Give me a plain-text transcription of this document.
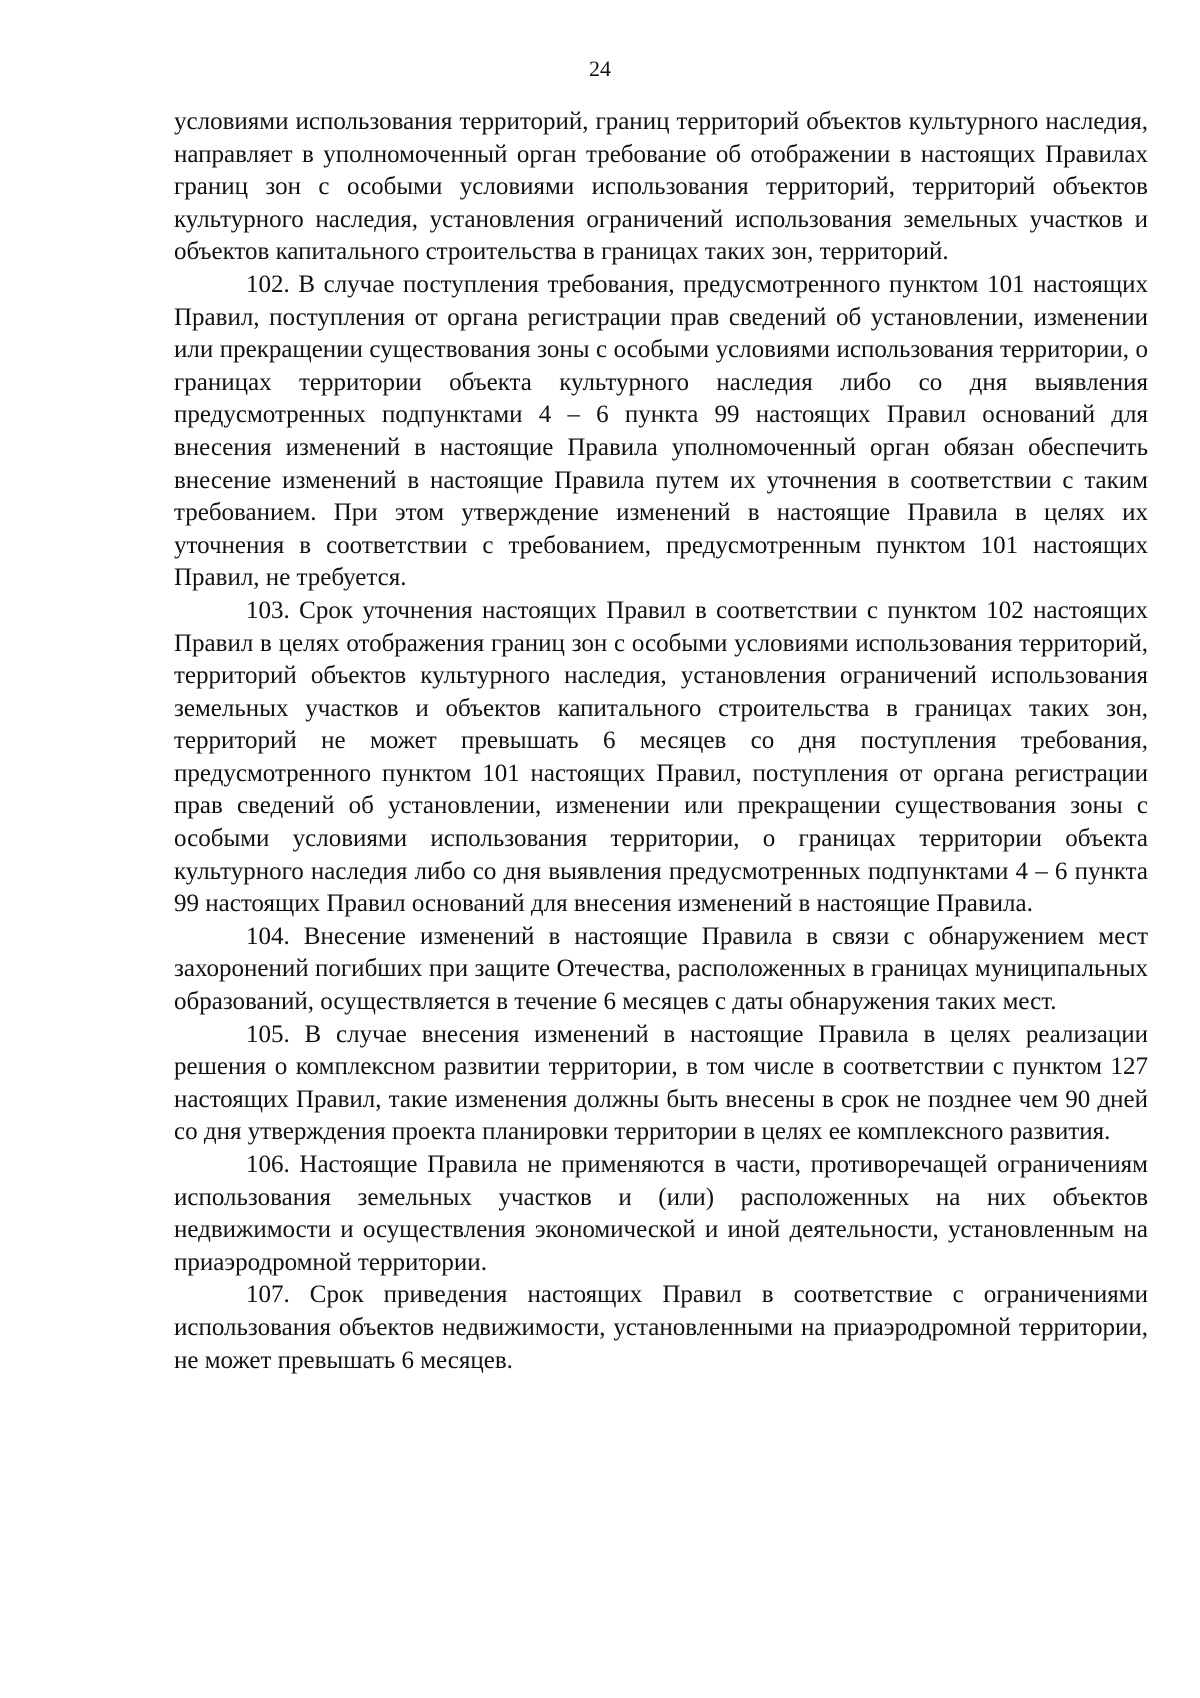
24

условиями использования территорий, границ территорий объектов культурного наследия, направляет в уполномоченный орган требование об отображении в настоящих Правилах границ зон с особыми условиями использования территорий, территорий объектов культурного наследия, установления ограничений использования земельных участков и объектов капитального строительства в границах таких зон, территорий.

102. В случае поступления требования, предусмотренного пунктом 101 настоящих Правил, поступления от органа регистрации прав сведений об установлении, изменении или прекращении существования зоны с особыми условиями использования территории, о границах территории объекта культурного наследия либо со дня выявления предусмотренных подпунктами 4 – 6 пункта 99 настоящих Правил оснований для внесения изменений в настоящие Правила уполномоченный орган обязан обеспечить внесение изменений в настоящие Правила путем их уточнения в соответствии с таким требованием. При этом утверждение изменений в настоящие Правила в целях их уточнения в соответствии с требованием, предусмотренным пунктом 101 настоящих Правил, не требуется.

103. Срок уточнения настоящих Правил в соответствии с пунктом 102 настоящих Правил в целях отображения границ зон с особыми условиями использования территорий, территорий объектов культурного наследия, установления ограничений использования земельных участков и объектов капитального строительства в границах таких зон, территорий не может превышать 6 месяцев со дня поступления требования, предусмотренного пунктом 101 настоящих Правил, поступления от органа регистрации прав сведений об установлении, изменении или прекращении существования зоны с особыми условиями использования территории, о границах территории объекта культурного наследия либо со дня выявления предусмотренных подпунктами 4 – 6 пункта 99 настоящих Правил оснований для внесения изменений в настоящие Правила.

104. Внесение изменений в настоящие Правила в связи с обнаружением мест захоронений погибших при защите Отечества, расположенных в границах муниципальных образований, осуществляется в течение 6 месяцев с даты обнаружения таких мест.

105. В случае внесения изменений в настоящие Правила в целях реализации решения о комплексном развитии территории, в том числе в соответствии с пунктом 127 настоящих Правил, такие изменения должны быть внесены в срок не позднее чем 90 дней со дня утверждения проекта планировки территории в целях ее комплексного развития.

106. Настоящие Правила не применяются в части, противоречащей ограничениям использования земельных участков и (или) расположенных на них объектов недвижимости и осуществления экономической и иной деятельности, установленным на приаэродромной территории.

107. Срок приведения настоящих Правил в соответствие с ограничениями использования объектов недвижимости, установленными на приаэродромной территории, не может превышать 6 месяцев.
